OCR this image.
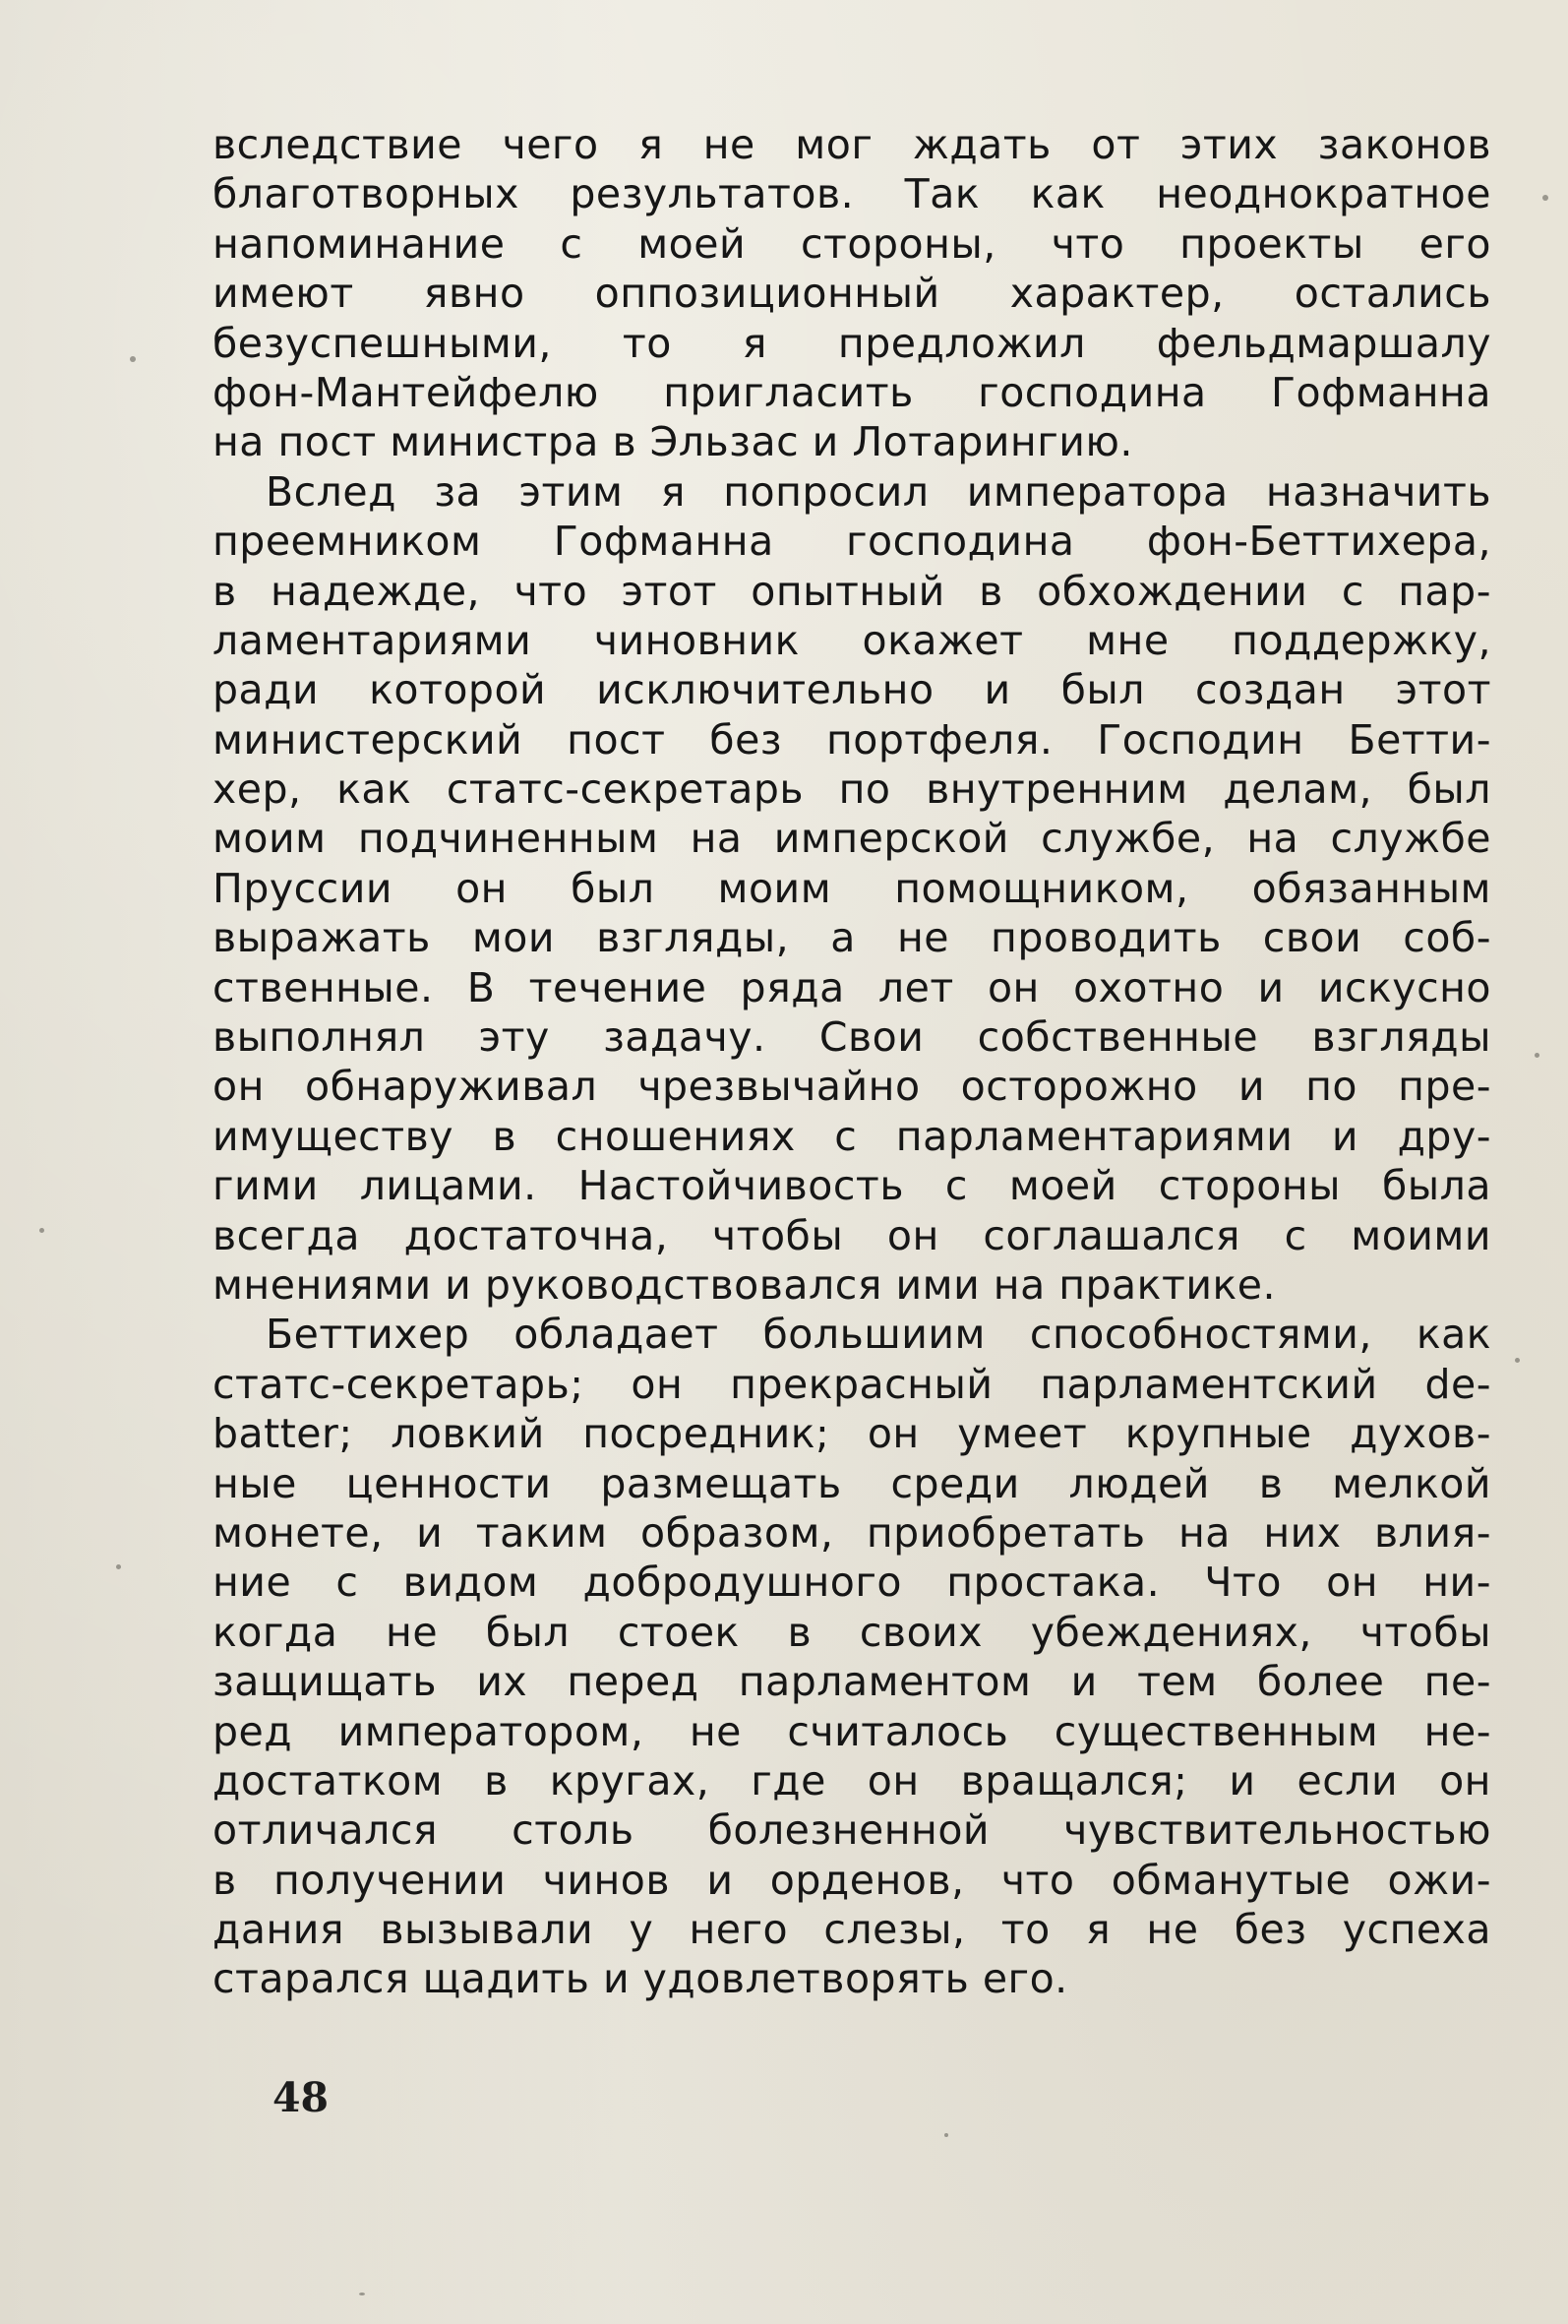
вследствие чего я не мог ждать от этих законов
благотворных результатов. Так как неоднократное
напоминание с моей стороны, что проекты его
имеют явно оппозиционный характер, остались
безуспешными, то я предложил фельдмаршалу
фон-Мантейфелю пригласить господина Гофманна
на пост министра в Эльзас и Лотарингию.
Вслед за этим я попросил императора назначить
преемником Гофманна господина фон-Беттихера,
в надежде, что этот опытный в обхождении с пар-
ламентариями чиновник окажет мне поддержку,
ради которой исключительно и был создан этот
министерский пост без портфеля. Господин Бетти-
хер, как статс-секретарь по внутренним делам, был
моим подчиненным на имперской службе, на службе
Пруссии он был моим помощником, обязанным
выражать мои взгляды, а не проводить свои соб-
ственные. В течение ряда лет он охотно и искусно
выполнял эту задачу. Свои собственные взгляды
он обнаруживал чрезвычайно осторожно и по пре-
имуществу в сношениях с парламентариями и дру-
гими лицами. Настойчивость с моей стороны была
всегда достаточна, чтобы он соглашался с моими
мнениями и руководствовался ими на практике.
Беттихер обладает большиим способностями, как
статс-секретарь; он прекрасный парламентский de-
batter; ловкий посредник; он умеет крупные духов-
ные ценности размещать среди людей в мелкой
монете, и таким образом, приобретать на них влия-
ние с видом добродушного простака. Что он ни-
когда не был стоек в своих убеждениях, чтобы
защищать их перед парламентом и тем более пе-
ред императором, не считалось существенным не-
достатком в кругах, где он вращался; и если он
отличался столь болезненной чувствительностью
в получении чинов и орденов, что обманутые ожи-
дания вызывали у него слезы, то я не без успеха
старался щадить и удовлетворять его.
48
